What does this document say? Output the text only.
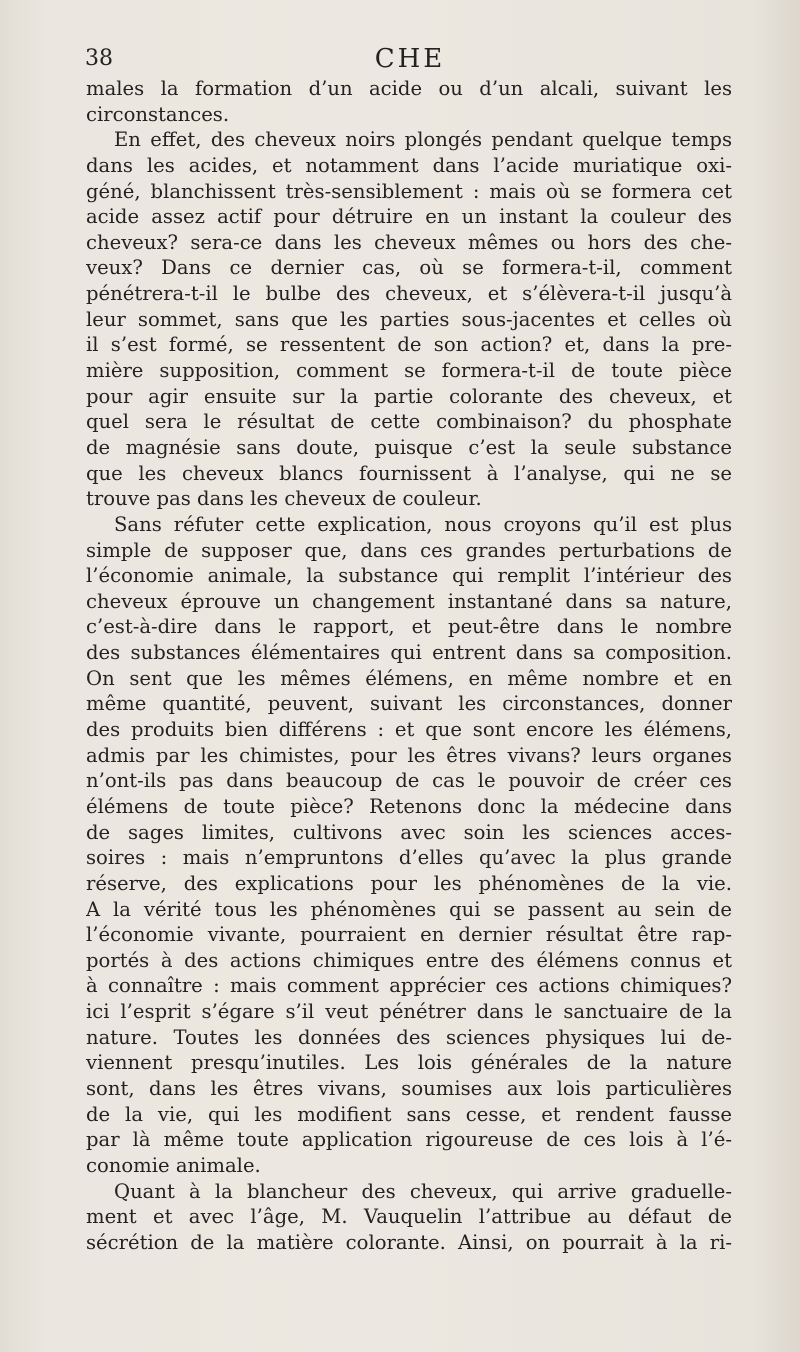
38	CHE
males la formation d’un acide ou d’un alcali, suivant les
circonstances.
En effet, des cheveux noirs plongés pendant quelque temps
dans les acides, et notamment dans l’acide muriatique oxi-
géné, blanchissent très-sensiblement : mais où se formera cet
acide assez actif pour détruire en un instant la couleur des
cheveux? sera-ce dans les cheveux mêmes ou hors des che-
veux? Dans ce dernier cas, où se formera-t-il, comment
pénétrera-t-il le bulbe des cheveux, et s’élèvera-t-il jusqu’à
leur sommet, sans que les parties sous-jacentes et celles où
il s’est formé, se ressentent de son action? et, dans la pre-
mière supposition, comment se formera-t-il de toute pièce
pour agir ensuite sur la partie colorante des cheveux, et
quel sera le résultat de cette combinaison? du phosphate
de magnésie sans doute, puisque c’est la seule substance
que les cheveux blancs fournissent à l’analyse, qui ne se
trouve pas dans les cheveux de couleur.
Sans réfuter cette explication, nous croyons qu’il est plus
simple de supposer que, dans ces grandes perturbations de
l’économie animale, la substance qui remplit l’intérieur des
cheveux éprouve un changement instantané dans sa nature,
c’est-à-dire dans le rapport, et peut-être dans le nombre
des substances élémentaires qui entrent dans sa composition.
On sent que les mêmes élémens, en même nombre et en
même quantité, peuvent, suivant les circonstances, donner
des produits bien différens : et que sont encore les élémens,
admis par les chimistes, pour les êtres vivans? leurs organes
n’ont-ils pas dans beaucoup de cas le pouvoir de créer ces
élémens de toute pièce? Retenons donc la médecine dans
de sages limites, cultivons avec soin les sciences acces-
soires : mais n’empruntons d’elles qu’avec la plus grande
réserve, des explications pour les phénomènes de la vie.
A la vérité tous les phénomènes qui se passent au sein de
l’économie vivante, pourraient en dernier résultat être rap-
portés à des actions chimiques entre des élémens connus et
à connaître : mais comment apprécier ces actions chimiques?
ici l’esprit s’égare s’il veut pénétrer dans le sanctuaire de la
nature. Toutes les données des sciences physiques lui de-
viennent presqu’inutiles. Les lois générales de la nature
sont, dans les êtres vivans, soumises aux lois particulières
de la vie, qui les modifient sans cesse, et rendent fausse
par là même toute application rigoureuse de ces lois à l’é-
conomie animale.
Quant à la blancheur des cheveux, qui arrive graduelle-
ment et avec l’âge, M. Vauquelin l’attribue au défaut de
sécrétion de la matière colorante. Ainsi, on pourrait à la ri-
